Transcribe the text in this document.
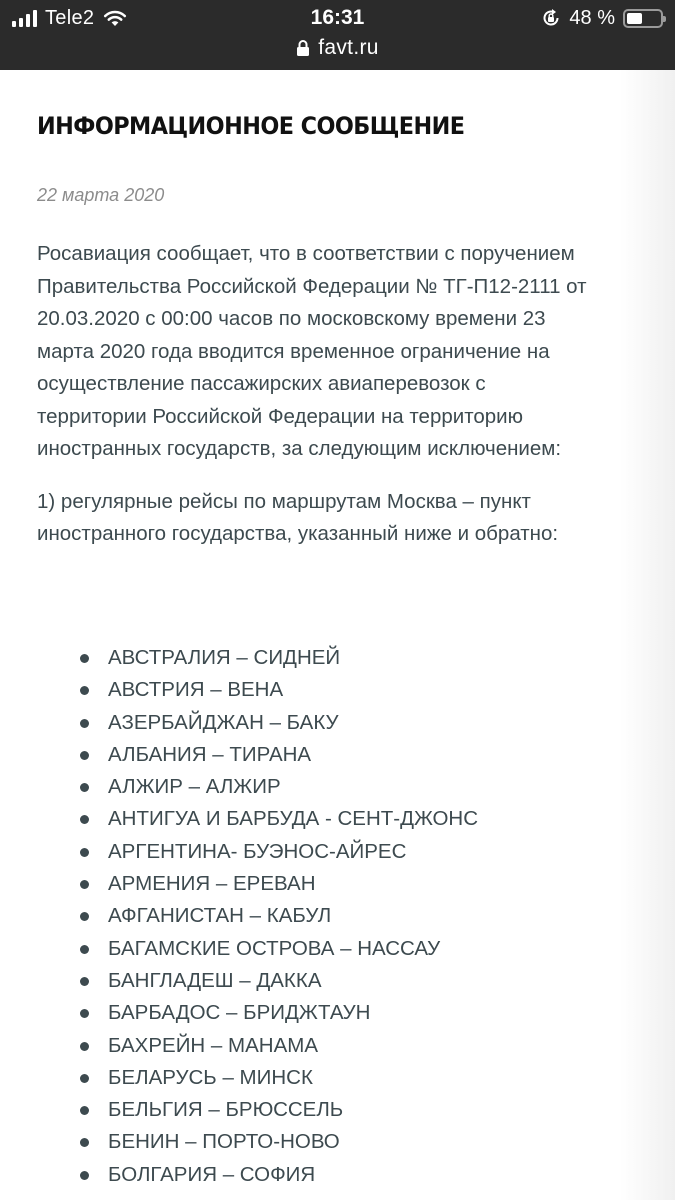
Tele2	16:31	48 %
favt.ru
ИНФОРМАЦИОННОЕ СООБЩЕНИЕ
22 марта 2020

Росавиация сообщает, что в соответствии с поручением Правительства Российской Федерации № ТГ-П12-2111 от 20.03.2020 с 00:00 часов по московскому времени 23 марта 2020 года вводится временное ограничение на осуществление пассажирских авиаперевозок с территории Российской Федерации на территорию иностранных государств, за следующим исключением:

1) регулярные рейсы по маршрутам Москва – пункт иностранного государства, указанный ниже и обратно:

АВСТРАЛИЯ – СИДНЕЙ
АВСТРИЯ – ВЕНА
АЗЕРБАЙДЖАН – БАКУ
АЛБАНИЯ – ТИРАНА
АЛЖИР – АЛЖИР
АНТИГУА И БАРБУДА - СЕНТ-ДЖОНС
АРГЕНТИНА- БУЭНОС-АЙРЕС
АРМЕНИЯ – ЕРЕВАН
АФГАНИСТАН – КАБУЛ
БАГАМСКИЕ ОСТРОВА – НАССАУ
БАНГЛАДЕШ – ДАККА
БАРБАДОС – БРИДЖТАУН
БАХРЕЙН – МАНАМА
БЕЛАРУСЬ – МИНСК
БЕЛЬГИЯ – БРЮССЕЛЬ
БЕНИН – ПОРТО-НОВО
БОЛГАРИЯ – СОФИЯ
